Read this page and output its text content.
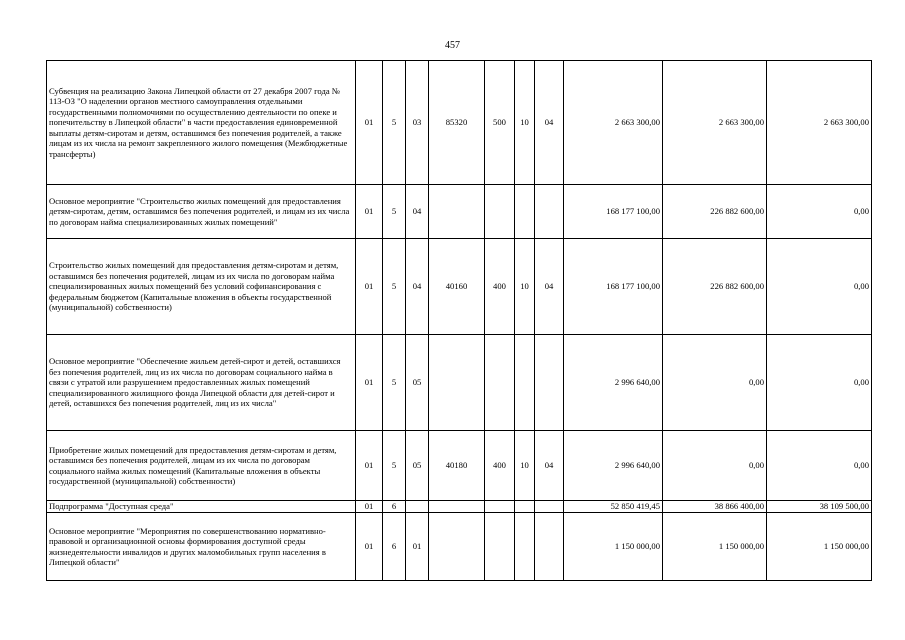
457
Субвенция на реализацию Закона Липецкой области от 27 декабря 2007 года № 113-ОЗ "О наделении органов местного самоуправления отдельными государственными полномочиями по осуществлению деятельности по опеке и попечительству в Липецкой области" в части предоставления единовременной выплаты детям-сиротам и детям, оставшимся без попечения родителей, а также лицам из их числа на ремонт закрепленного жилого помещения (Межбюджетные трансферты)	01	5	03	85320	500	10	04	2 663 300,00	2 663 300,00	2 663 300,00
Основное мероприятие "Строительство жилых помещений для предоставления детям-сиротам, детям, оставшимся без попечения родителей, и лицам из их числа по договорам найма специализированных жилых помещений"	01	5	04					168 177 100,00	226 882 600,00	0,00
Строительство жилых помещений для предоставления детям-сиротам и детям, оставшимся без попечения родителей, лицам из их числа по договорам найма специализированных жилых помещений без условий софинансирования с федеральным бюджетом (Капитальные вложения в объекты государственной (муниципальной) собственности)	01	5	04	40160	400	10	04	168 177 100,00	226 882 600,00	0,00
Основное мероприятие "Обеспечение жильем детей-сирот и детей, оставшихся без попечения родителей, лиц из их числа по договорам социального найма в связи с утратой или разрушением предоставленных жилых помещений специализированного жилищного фонда Липецкой области для детей-сирот и детей, оставшихся без попечения родителей, лиц из их числа"	01	5	05					2 996 640,00	0,00	0,00
Приобретение жилых помещений для предоставления детям-сиротам и детям, оставшимся без попечения родителей, лицам из их числа по договорам социального найма жилых помещений (Капитальные вложения в объекты государственной (муниципальной) собственности)	01	5	05	40180	400	10	04	2 996 640,00	0,00	0,00
Подпрограмма "Доступная среда"	01	6						52 850 419,45	38 866 400,00	38 109 500,00
Основное мероприятие "Мероприятия по совершенствованию нормативно-правовой и организационной основы формирования доступной среды жизнедеятельности инвалидов и других маломобильных групп населения в Липецкой области"	01	6	01					1 150 000,00	1 150 000,00	1 150 000,00
